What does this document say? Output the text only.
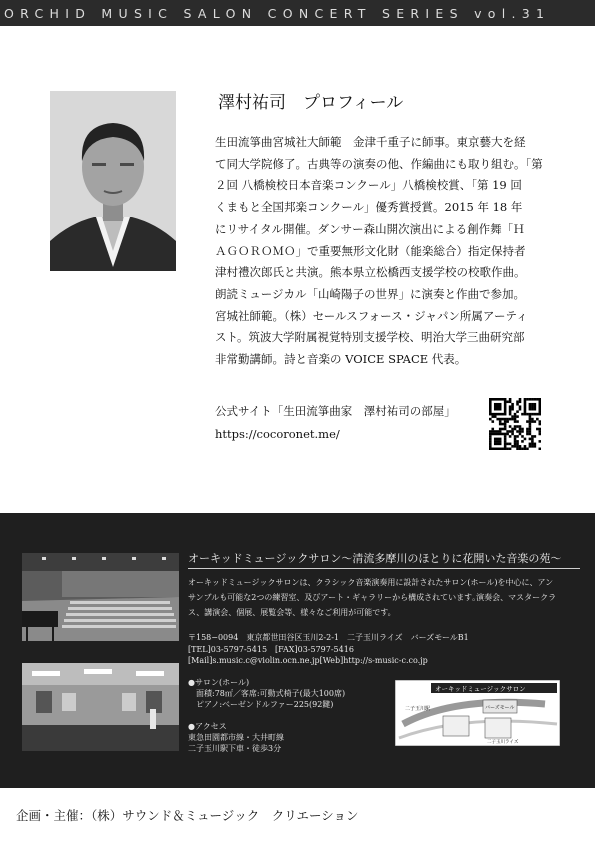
ORCHID MUSIC SALON CONCERT SERIES vol.31
澤村祐司　プロフィール
生田流箏曲宮城社大師範　金津千重子に師事。東京藝大を経
て同大学院修了。古典等の演奏の他、作編曲にも取り組む。「第
２回 八橋検校日本音楽コンクール」八橋検校賞、「第 19 回
くまもと全国邦楽コンクール」優秀賞授賞。2015 年 18 年
にリサイタル開催。ダンサー森山開次演出による創作舞「Ｈ
ＡＧＯＲＯＭＯ」で重要無形文化財（能楽総合）指定保持者
津村禮次郎氏と共演。熊本県立松橋西支援学校の校歌作曲。
朗読ミュージカル「山崎陽子の世界」に演奏と作曲で参加。
宮城社師範。（株）セールスフォース・ジャパン所属アーティ
スト。筑波大学附属視覚特別支援学校、明治大学三曲研究部
非常勤講師。詩と音楽の VOICE SPACE 代表。
公式サイト「生田流箏曲家　澤村祐司の部屋」
https://cocoronet.me/
オーキッドミュージックサロン〜清流多摩川のほとりに花開いた音楽の苑〜
オーキッドミュージックサロンは、クラシック音楽演奏用に設計されたサロン(ホール)を中心に、アン
サンブルも可能な2つの練習室、及びアート・ギャラリーから構成されています｡演奏会、マスタークラ
ス、講演会、個展、展覧会等、様々なご利用が可能です。
〒158−0094　東京都世田谷区玉川2-2-1　二子玉川ライズ　バーズモールB1
[TEL]03-5797-5415　[FAX]03-5797-5416
[Mail]s.music.c@violin.ocn.ne.jp[Web]http://s-music-c.co.jp
●サロン(ホール)
　面積:78㎡／客席:可動式椅子(最大100席)
　ピアノ:ベーゼンドルファー225(92鍵)

●アクセス
東急田園都市線・大井町線
二子玉川駅下車・徒歩3分
オーキッドミュージックサロン
バーズモール
二子玉川駅
二子玉川ライズ
企画・主催：（株）サウンド＆ミュージック　クリエーション
